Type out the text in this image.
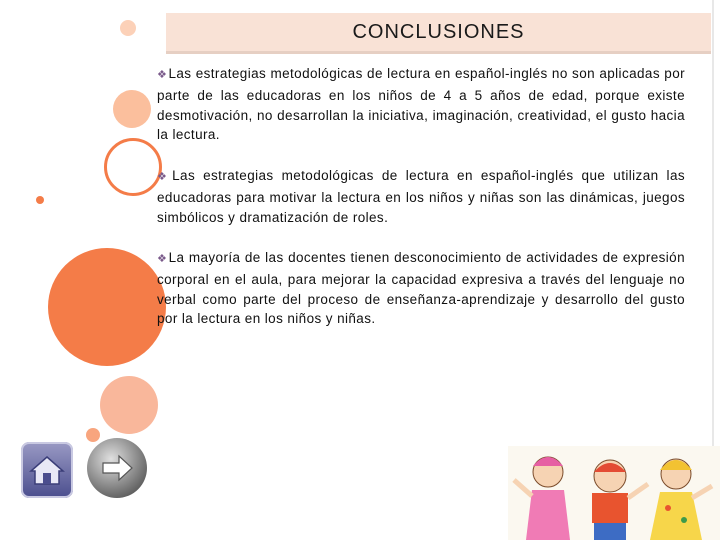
CONCLUSIONES

❖Las estrategias metodológicas de lectura en español-inglés no son aplicadas por parte de las educadoras en los niños de 4 a 5 años de edad, porque existe desmotivación, no desarrollan la iniciativa, imaginación, creatividad, el gusto hacia la lectura.

❖Las estrategias metodológicas de lectura en español-inglés que utilizan las educadoras para motivar la lectura en los niños y niñas son las dinámicas, juegos simbólicos y dramatización de roles.

❖La mayoría de las docentes tienen desconocimiento de actividades de expresión corporal en el aula, para mejorar la capacidad expresiva a través del lenguaje no verbal como parte del proceso de enseñanza-aprendizaje y desarrollo del gusto por la lectura en los niños y niñas.
